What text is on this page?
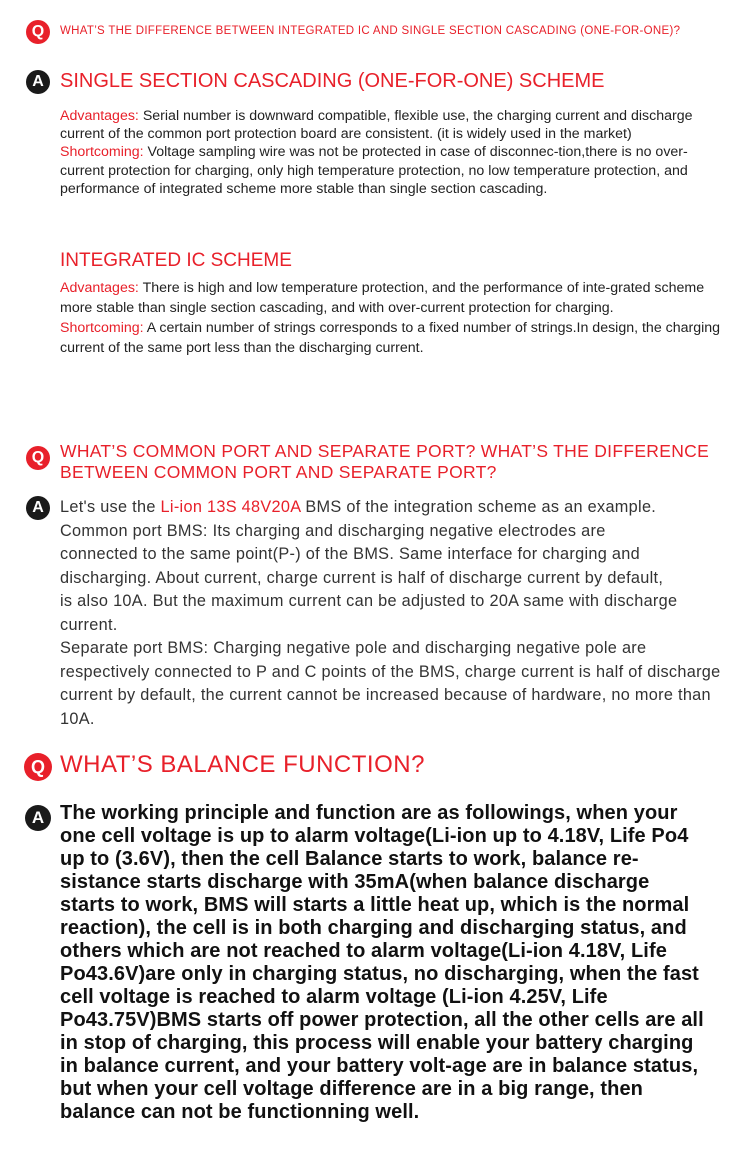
Q	WHAT’S THE DIFFERENCE BETWEEN INTEGRATED IC AND SINGLE SECTION CASCADING (ONE-FOR-ONE)?
A SINGLE SECTION CASCADING (ONE-FOR-ONE) SCHEME

Advantages: Serial number is downward compatible, flexible use, the charging current and discharge current of the common port protection board are consistent. (it is widely used in the market)

Shortcoming: Voltage sampling wire was not be protected in case of disconnec-tion,there is no over-current protection for charging, only high temperature protection, no low temperature protection, and performance of integrated scheme more stable than single section cascading.

INTEGRATED IC SCHEME

Advantages: There is high and low temperature protection, and the performance of inte-grated scheme more stable than single section cascading, and with over-current protection for charging.

Shortcoming: A certain number of strings corresponds to a fixed number of strings.In design, the charging current of the same port less than the discharging current.

Q WHAT’S COMMON PORT AND SEPARATE PORT? WHAT’S THE DIFFERENCE BETWEEN COMMON PORT AND SEPARATE PORT?
A Let's use the Li-ion 13S 48V20A BMS of the integration scheme as an example.

Common port BMS: Its charging and discharging negative electrodes are connected to the same point(P-) of the BMS. Same interface for charging and discharging. About current, charge current is half of discharge current by default, is also 10A. But the maximum current can be adjusted to 20A same with discharge current.

Separate port BMS: Charging negative pole and discharging negative pole are respectively connected to P and C points of the BMS, charge current is half of discharge current by default, the current cannot be increased because of hardware, no more than 10A.

Q WHAT’S BALANCE FUNCTION?
A The working principle and function are as followings, when your one cell voltage is up to alarm voltage(Li-ion up to 4.18V, Life Po4 up to (3.6V), then the cell Balance starts to work, balance re-sistance starts discharge with 35mA(when balance discharge starts to work, BMS will starts a little heat up, which is the normal reaction), the cell is in both charging and discharging status, and others which are not reached to alarm voltage(Li-ion 4.18V, Life Po43.6V)are only in charging status, no discharging, when the fast cell voltage is reached to alarm voltage (Li-ion 4.25V, Life Po43.75V)BMS starts off power protection, all the other cells are all in stop of charging, this process will enable your battery charging in balance current, and your battery volt-age are in balance status, but when your cell voltage difference are in a big range, then balance can not be functionning well.
